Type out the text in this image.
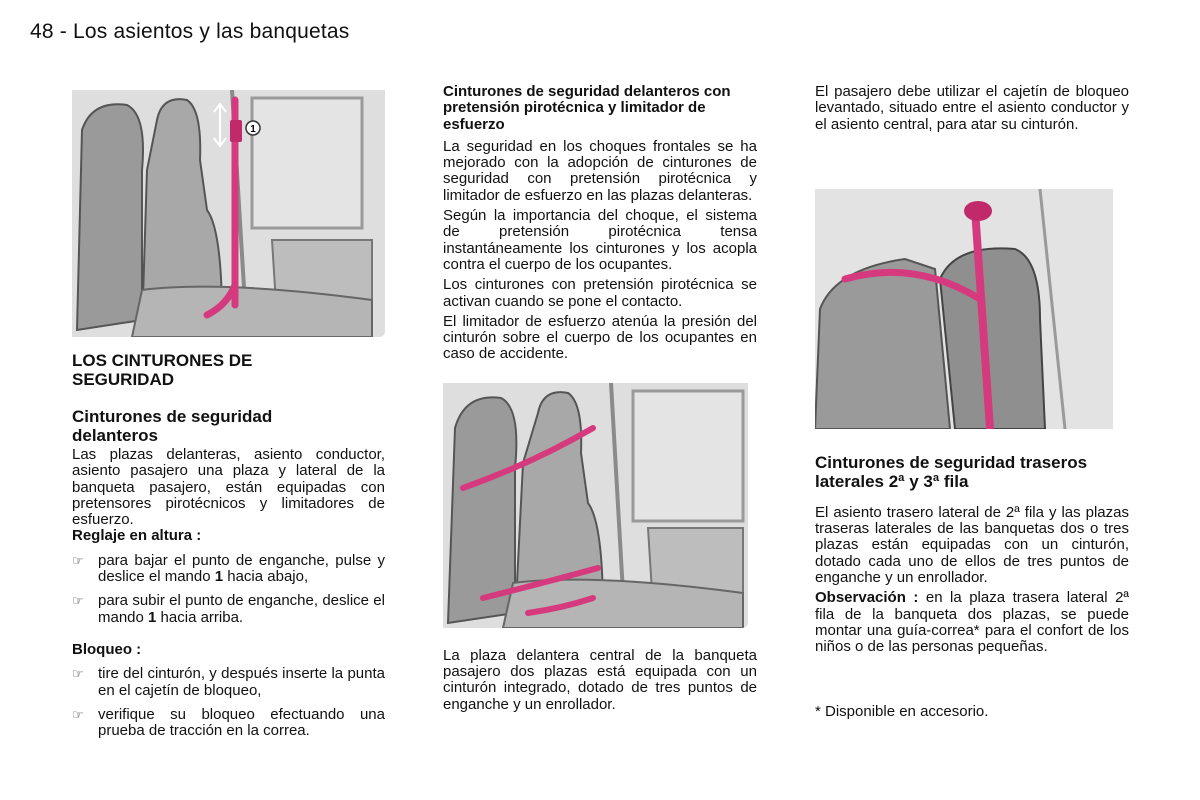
48 - Los asientos y las banquetas
1
LOS CINTURONES DE SEGURIDAD
Cinturones de seguridad delanteros

Las plazas delanteras, asiento conductor, asiento pasajero una plaza y lateral de la banqueta pasajero, están equipadas con pretensores pirotécnicos y limitadores de esfuerzo.

Reglaje en altura :
☞ para bajar el punto de enganche, pulse y deslice el mando 1 hacia abajo,

☞ para subir el punto de enganche, deslice el mando 1 hacia arriba.

Bloqueo :
☞ tire del cinturón, y después inserte la punta en el cajetín de bloqueo,

☞ verifique su bloqueo efectuando una prueba de tracción en la correa.

Cinturones de seguridad delanteros con pretensión pirotécnica y limitador de esfuerzo

La seguridad en los choques frontales se ha mejorado con la adopción de cinturones de seguridad con pretensión pirotécnica y limitador de esfuerzo en las plazas delanteras.

Según la importancia del choque, el sistema de pretensión pirotécnica tensa instantáneamente los cinturones y los acopla contra el cuerpo de los ocupantes.

Los cinturones con pretensión pirotécnica se activan cuando se pone el contacto.

El limitador de esfuerzo atenúa la presión del cinturón sobre el cuerpo de los ocupantes en caso de accidente.

La plaza delantera central de la banqueta pasajero dos plazas está equipada con un cinturón integrado, dotado de tres puntos de enganche y un enrollador.

El pasajero debe utilizar el cajetín de bloqueo levantado, situado entre el asiento conductor y el asiento central, para atar su cinturón.

Cinturones de seguridad traseros laterales 2ª y 3ª fila

El asiento trasero lateral de 2ª fila y las plazas traseras laterales de las banquetas dos o tres plazas están equipadas con un cinturón, dotado cada uno de ellos de tres puntos de enganche y un enrollador.

Observación : en la plaza trasera lateral 2ª fila de la banqueta dos plazas, se puede montar una guía-correa* para el confort de los niños o de las personas pequeñas.

* Disponible en accesorio.
